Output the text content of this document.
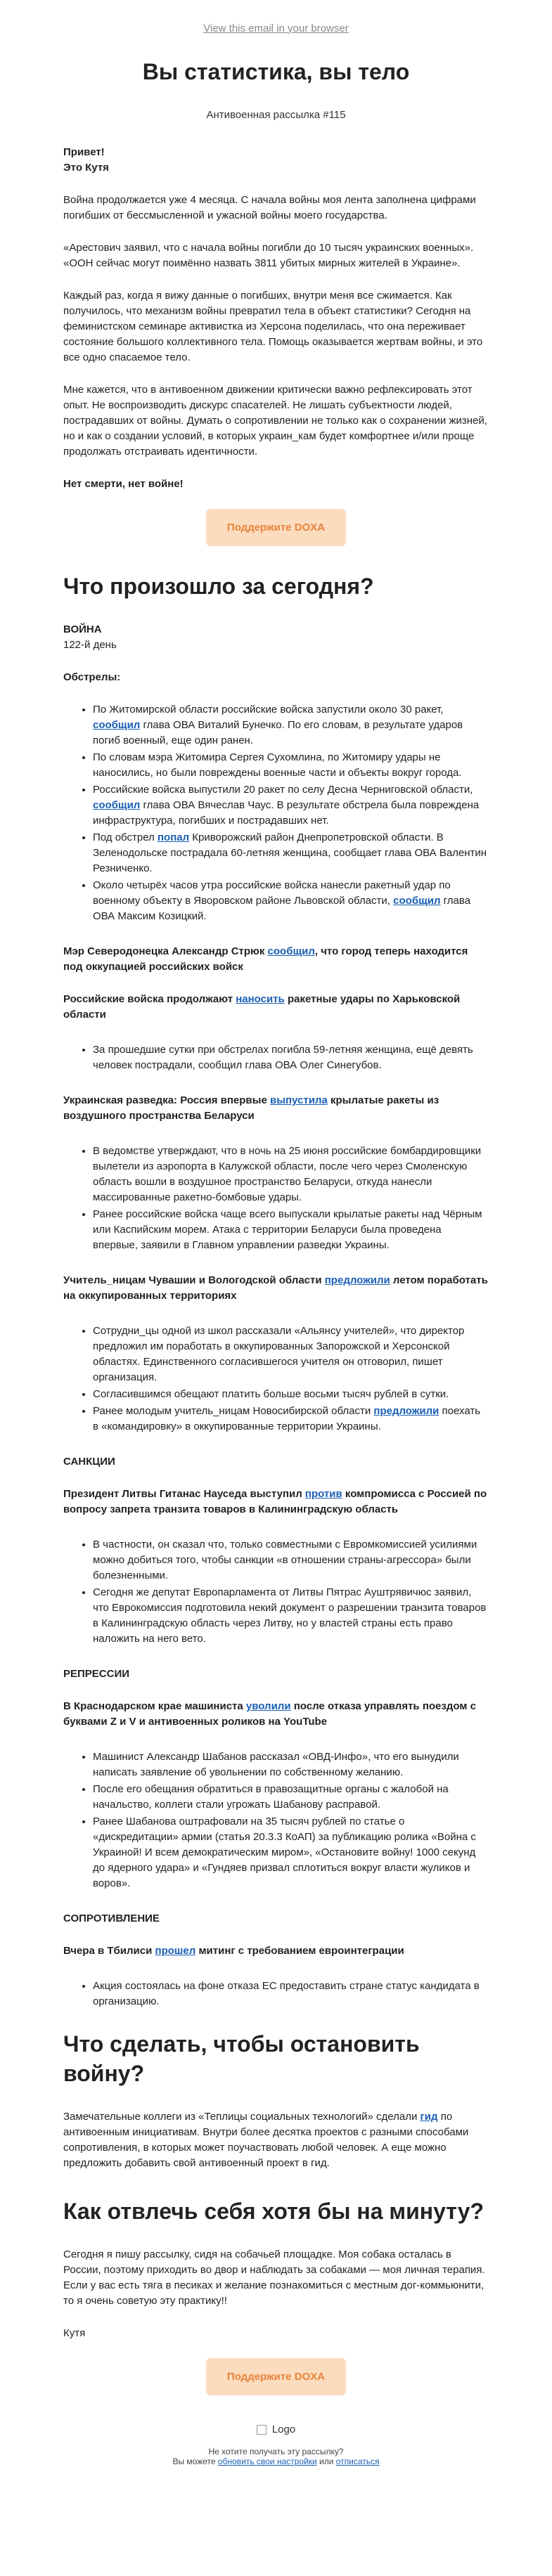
View this email in your browser
Вы статистика, вы тело
Антивоенная рассылка #115

Привет!
Это Кутя

Война продолжается уже 4 месяца. С начала войны моя лента заполнена цифрами погибших от бессмысленной и ужасной войны моего государства.

«Арестович заявил, что с начала войны погибли до 10 тысяч украинских военных». «ООН сейчас могут поимённо назвать 3811 убитых мирных жителей в Украине».

Каждый раз, когда я вижу данные о погибших, внутри меня все сжимается. Как получилось, что механизм войны превратил тела в объект статистики? Сегодня на феминистском семинаре активистка из Херсона поделилась, что она переживает состояние большого коллективного тела. Помощь оказывается жертвам войны, и это все одно спасаемое тело.

Мне кажется, что в антивоенном движении критически важно рефлексировать этот опыт. Не воспроизводить дискурс спасателей. Не лишать субъектности людей, пострадавших от войны. Думать о сопротивлении не только как о сохранении жизней, но и как о создании условий, в которых украин_кам будет комфортнее и/или проще продолжать отстраивать идентичности.

Нет смерти, нет войне!

Поддержите DOXA
Что произошло за сегодня?

ВОЙНА
122-й день

Обстрелы:

• По Житомирской области российские войска запустили около 30 ракет, сообщил глава ОВА Виталий Бунечко. По его словам, в результате ударов погиб военный, еще один ранен.
• По словам мэра Житомира Сергея Сухомлина, по Житомиру удары не наносились, но были повреждены военные части и объекты вокруг города.
• Российские войска выпустили 20 ракет по селу Десна Черниговской области, сообщил глава ОВА Вячеслав Чаус. В результате обстрела была повреждена инфраструктура, погибших и пострадавших нет.
• Под обстрел попал Криворожский район Днепропетровской области. В Зеленодольске пострадала 60-летняя женщина, сообщает глава ОВА Валентин Резниченко.
• Около четырёх часов утра российские войска нанесли ракетный удар по военному объекту в Яворовском районе Львовской области, сообщил глава ОВА Максим Козицкий.

Мэр Северодонецка Александр Стрюк сообщил, что город теперь находится под оккупацией российских войск

Российские войска продолжают наносить ракетные удары по Харьковской области

• За прошедшие сутки при обстрелах погибла 59-летняя женщина, ещё девять человек пострадали, сообщил глава ОВА Олег Синегубов.

Украинская разведка: Россия впервые выпустила крылатые ракеты из воздушного пространства Беларуси

• В ведомстве утверждают, что в ночь на 25 июня российские бомбардировщики вылетели из аэропорта в Калужской области, после чего через Смоленскую область вошли в воздушное пространство Беларуси, откуда нанесли массированные ракетно-бомбовые удары.
• Ранее российские войска чаще всего выпускали крылатые ракеты над Чёрным или Каспийским морем. Атака с территории Беларуси была проведена впервые, заявили в Главном управлении разведки Украины.

Учитель_ницам Чувашии и Вологодской области предложили летом поработать на оккупированных территориях

• Сотрудни_цы одной из школ рассказали «Альянсу учителей», что директор предложил им поработать в оккупированных Запорожской и Херсонской областях. Единственного согласившегося учителя он отговорил, пишет организация.
• Согласившимся обещают платить больше восьми тысяч рублей в сутки.
• Ранее молодым учитель_ницам Новосибирской области предложили поехать в «командировку» в оккупированные территории Украины.

САНКЦИИ

Президент Литвы Гитанас Науседа выступил против компромисса с Россией по вопросу запрета транзита товаров в Калининградскую область

• В частности, он сказал что, только совместными с Евромкомиссией усилиями можно добиться того, чтобы санкции «в отношении страны-агрессора» были болезненными.
• Сегодня же депутат Европарламента от Литвы Пятрас Ауштрявичюс заявил, что Еврокомиссия подготовила некий документ о разрешении транзита товаров в Калининградскую область через Литву, но у властей страны есть право наложить на него вето.

РЕПРЕССИИ

В Краснодарском крае машиниста уволили после отказа управлять поездом с буквами Z и V и антивоенных роликов на YouTube

• Машинист Александр Шабанов рассказал «ОВД-Инфо», что его вынудили написать заявление об увольнении по собственному желанию.
• После его обещания обратиться в правозащитные органы с жалобой на начальство, коллеги стали угрожать Шабанову расправой.
• Ранее Шабанова оштрафовали на 35 тысяч рублей по статье о «дискредитации» армии (статья 20.3.3 КоАП) за публикацию ролика «Война с Украиной! И всем демократическим миром», «Остановите войну! 1000 секунд до ядерного удара» и «Гундяев призвал сплотиться вокруг власти жуликов и воров».

СОПРОТИВЛЕНИЕ

Вчера в Тбилиси прошел митинг с требованием евроинтеграции

• Акция состоялась на фоне отказа ЕС предоставить стране статус кандидата в организацию.
Что сделать, чтобы остановить войну?

Замечательные коллеги из «Теплицы социальных технологий» сделали гид по антивоенным инициативам. Внутри более десятка проектов с разными способами сопротивления, в которых может поучаствовать любой человек. А еще можно предложить добавить свой антивоенный проект в гид.

Как отвлечь себя хотя бы на минуту?

Сегодня я пишу рассылку, сидя на собачьей площадке. Моя собака осталась в России, поэтому приходить во двор и наблюдать за собаками — моя личная терапия. Если у вас есть тяга в песиках и желание познакомиться с местным дог-коммьюнити, то я очень советую эту практику!!

Кутя

Поддержите DOXA
Logo
Не хотите получать эту рассылку?
Вы можете обновить свои настройки или отписаться
